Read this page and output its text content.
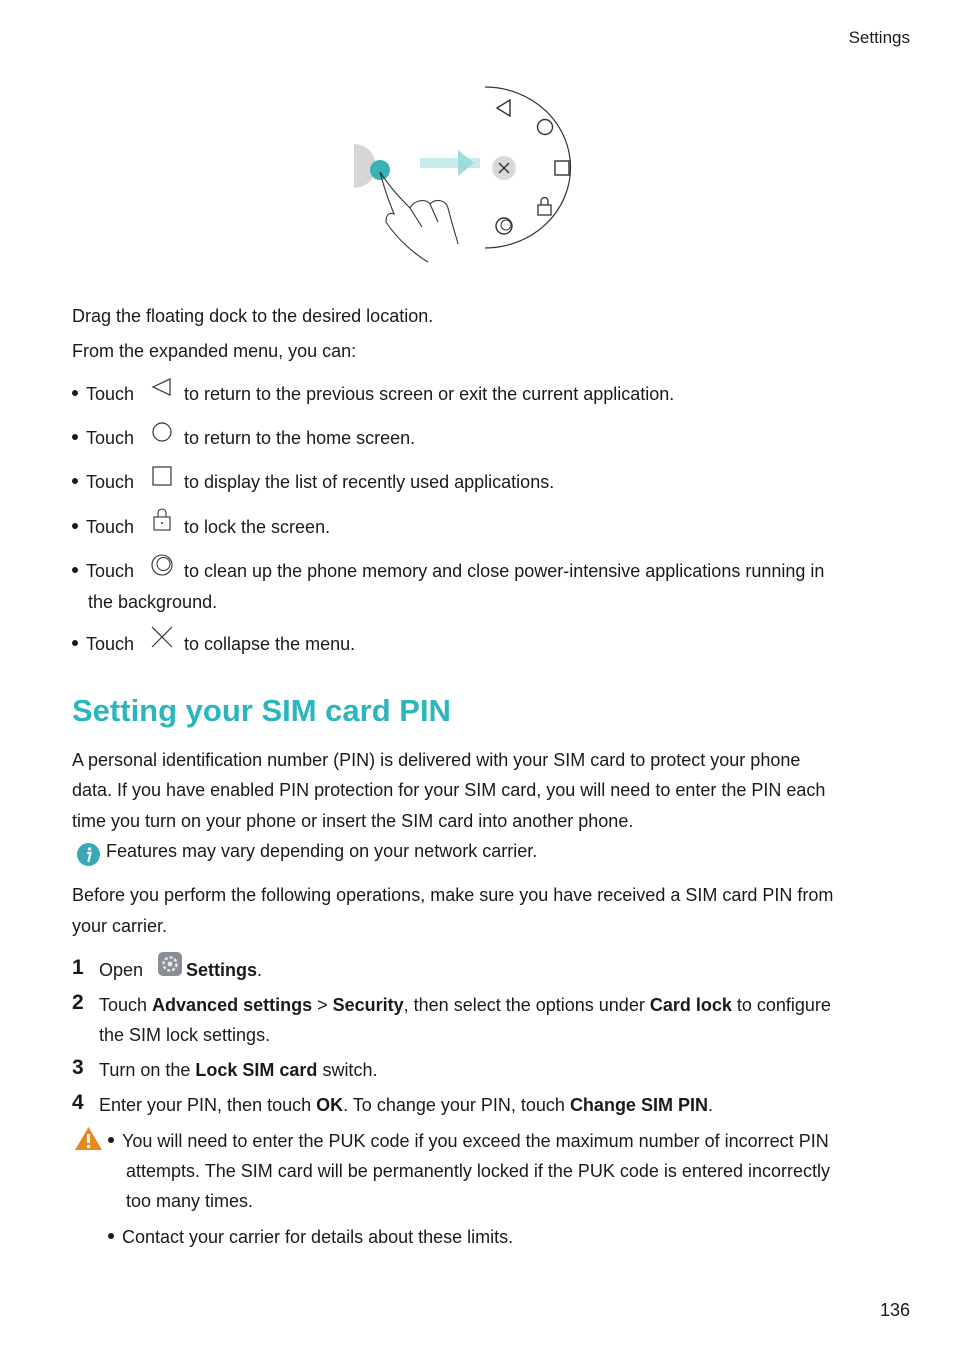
Settings
136
Drag the floating dock to the desired location.
From the expanded menu, you can:
Touch	to return to the previous screen or exit the current application.
Touch	to return to the home screen.
Touch	to display the list of recently used applications.
Touch	to lock the screen.
Touch	to clean up the phone memory and close power-intensive applications running in
the background.
Touch	to collapse the menu.
Setting your SIM card PIN
A personal identification number (PIN) is delivered with your SIM card to protect your phone
data. If you have enabled PIN protection for your SIM card, you will need to enter the PIN each
time you turn on your phone or insert the SIM card into another phone.
Features may vary depending on your network carrier.
Before you perform the following operations, make sure you have received a SIM card PIN from
your carrier.
1 Open Settings.
2 Touch Advanced settings > Security, then select the options under Card lock to configure
the SIM lock settings.
3 Turn on the Lock SIM card switch.
4 Enter your PIN, then touch OK. To change your PIN, touch Change SIM PIN.
You will need to enter the PUK code if you exceed the maximum number of incorrect PIN
attempts. The SIM card will be permanently locked if the PUK code is entered incorrectly
too many times.
Contact your carrier for details about these limits.
